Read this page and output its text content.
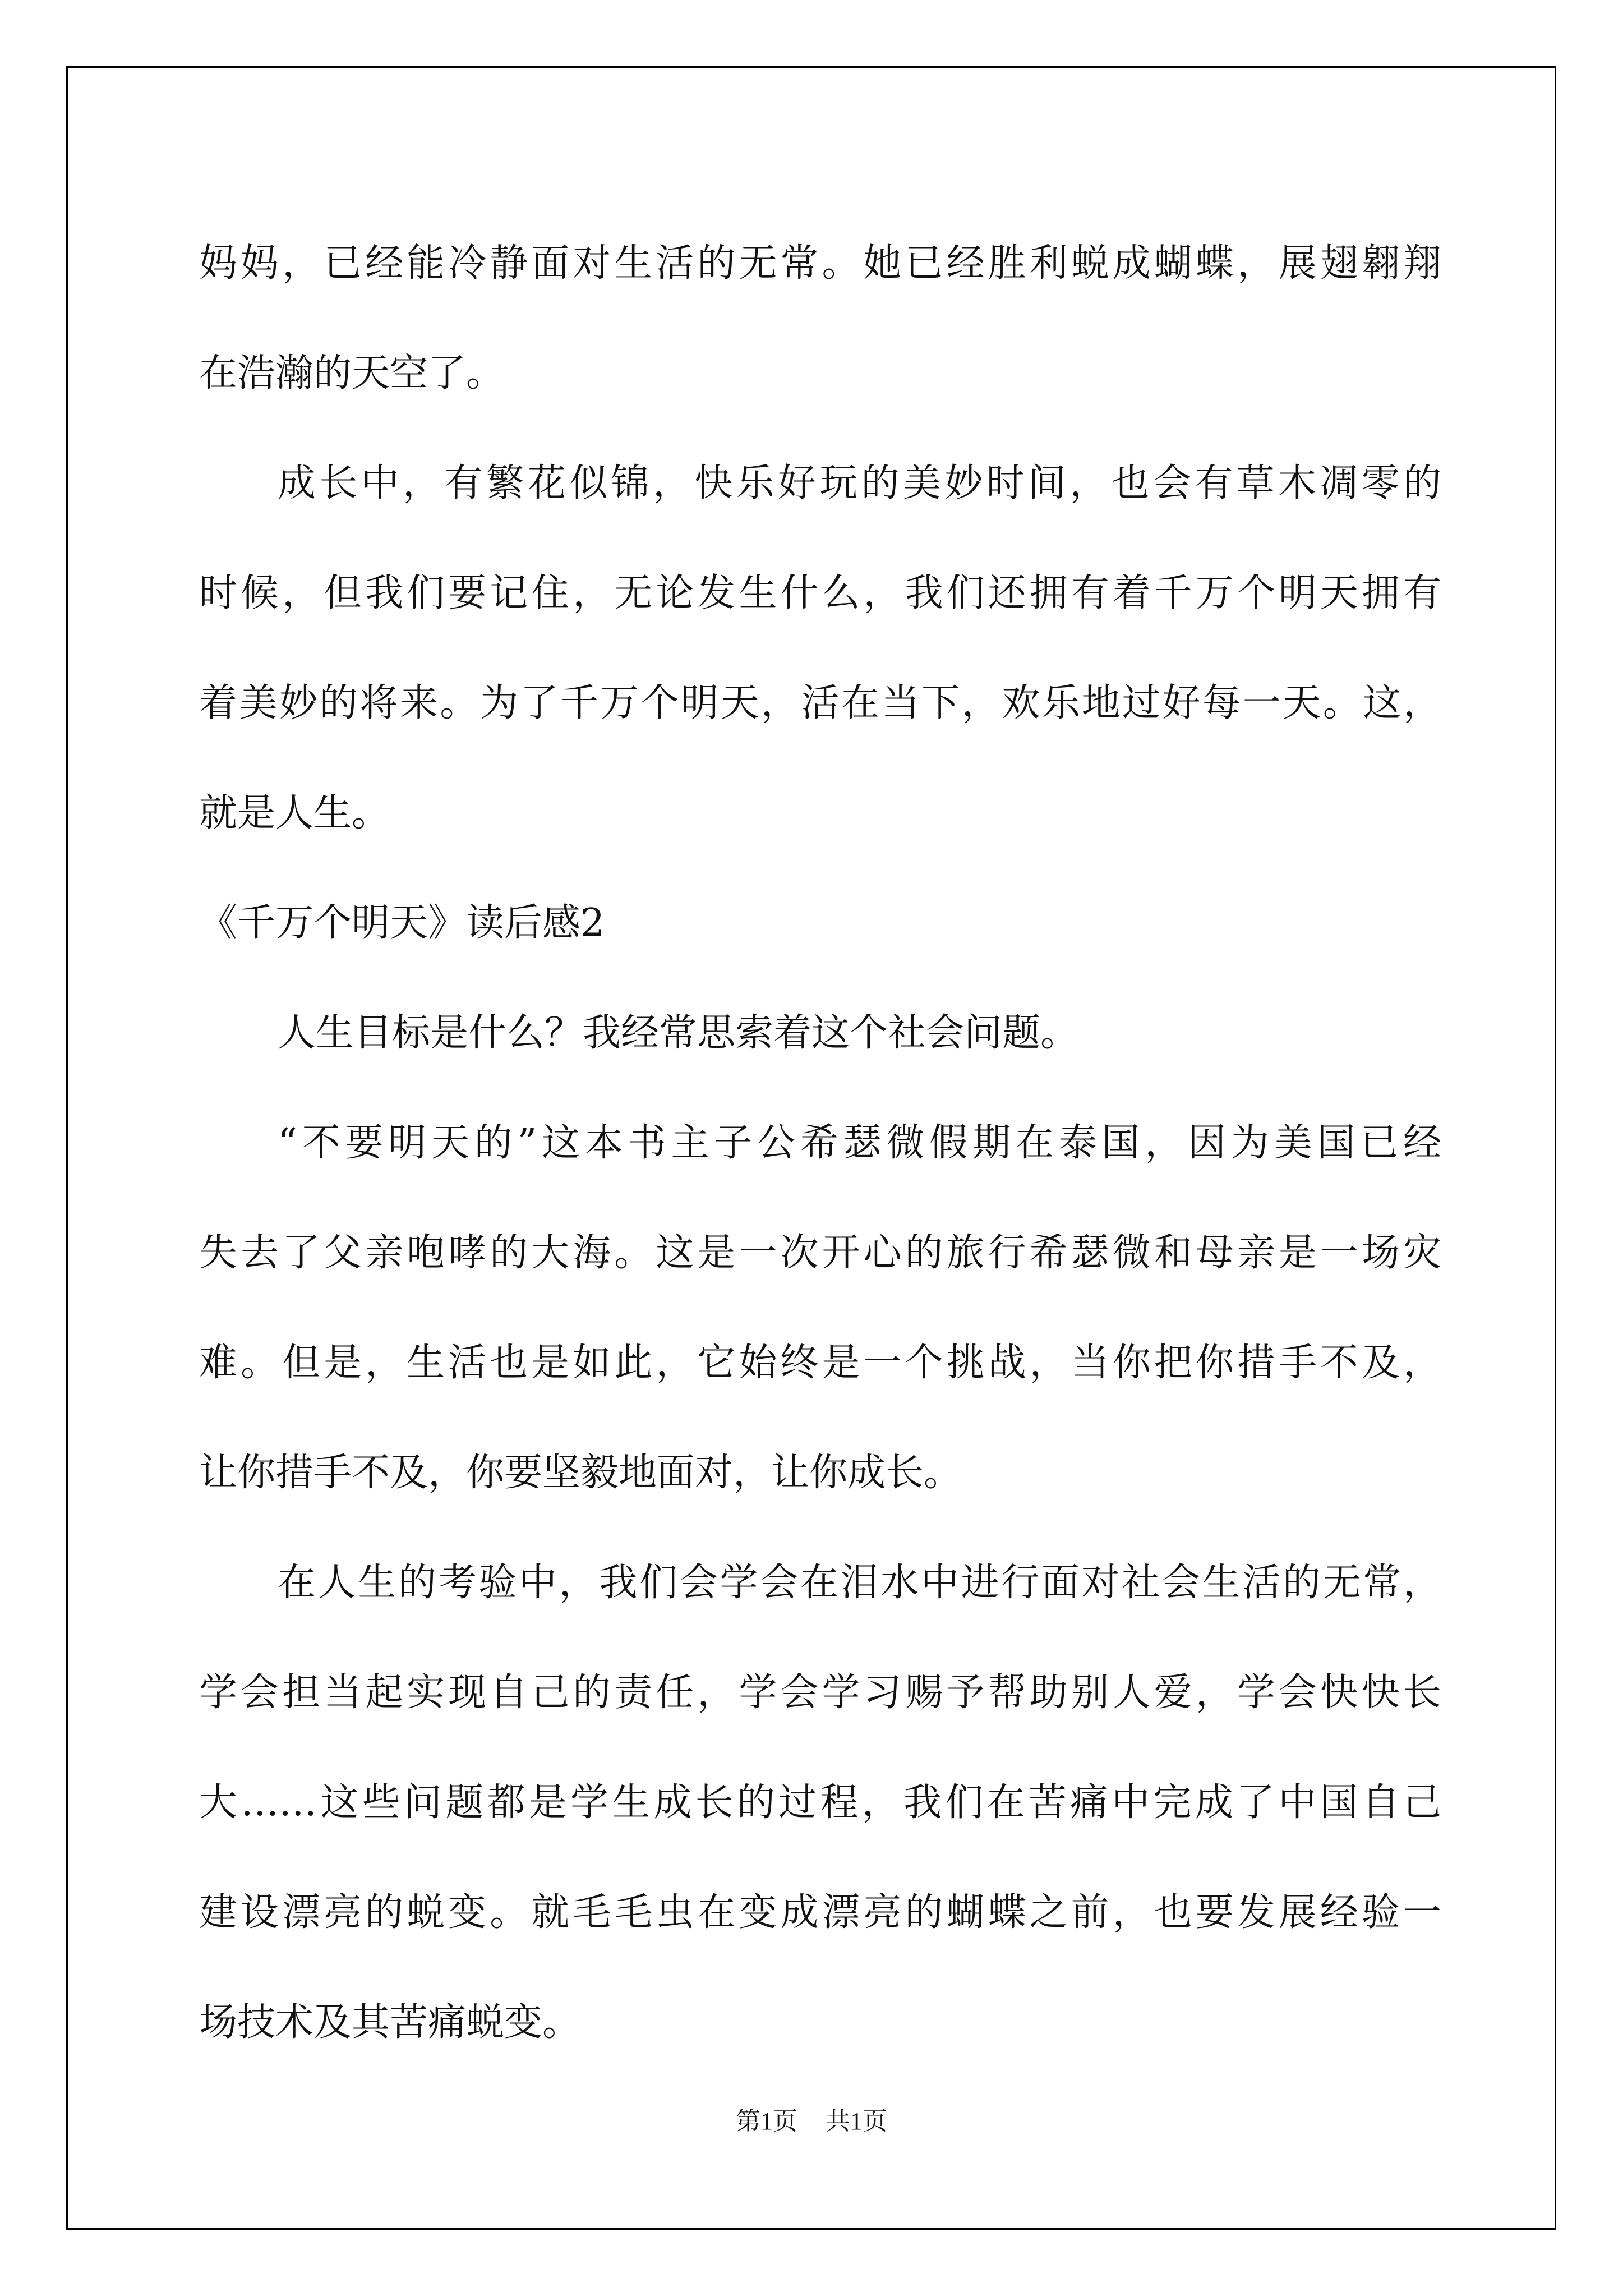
妈妈，已经能冷静面对生活的无常。她已经胜利蜕成蝴蝶，展翅翱翔

在浩瀚的天空了。

成长中，有繁花似锦，快乐好玩的美妙时间，也会有草木凋零的

时候，但我们要记住，无论发生什么，我们还拥有着千万个明天拥有

着美妙的将来。为了千万个明天，活在当下，欢乐地过好每一天。这，

就是人生。

《千万个明天》读后感2

人生目标是什么？我经常思索着这个社会问题。

“不要明天的”这本书主子公希瑟微假期在泰国，因为美国已经

失去了父亲咆哮的大海。这是一次开心的旅行希瑟微和母亲是一场灾

难。但是，生活也是如此，它始终是一个挑战，当你把你措手不及，

让你措手不及，你要坚毅地面对，让你成长。

在人生的考验中，我们会学会在泪水中进行面对社会生活的无常，

学会担当起实现自己的责任，学会学习赐予帮助别人爱，学会快快长

大……这些问题都是学生成长的过程，我们在苦痛中完成了中国自己

建设漂亮的蜕变。就毛毛虫在变成漂亮的蝴蝶之前，也要发展经验一

场技术及其苦痛蜕变。

第1页 共1页
